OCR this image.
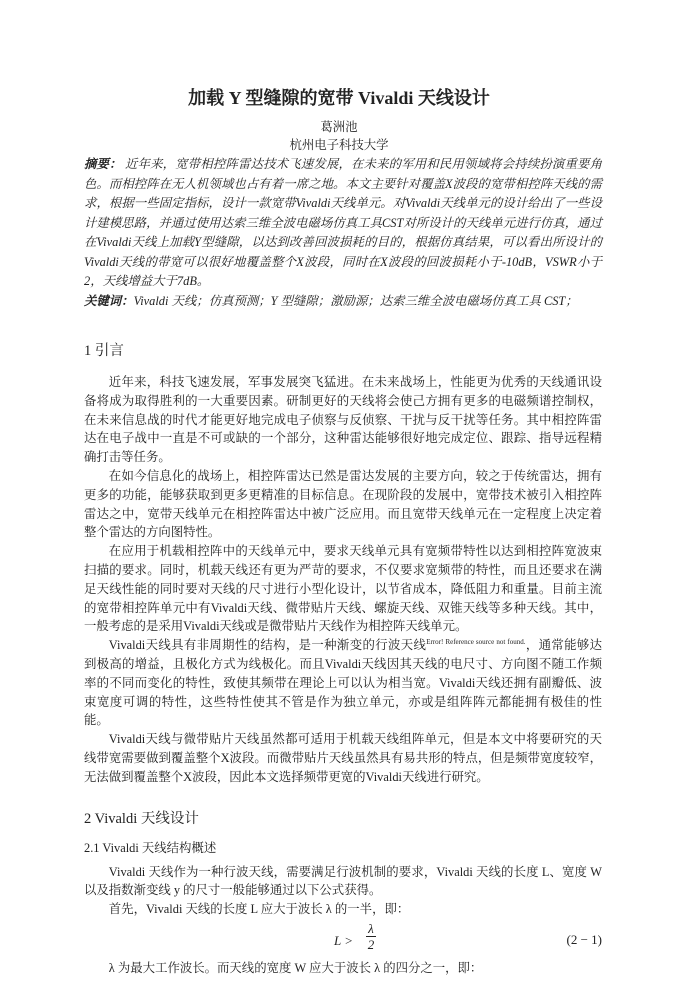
加载 Y 型缝隙的宽带 Vivaldi 天线设计
葛洲池
杭州电子科技大学
摘要： 近年来，宽带相控阵雷达技术飞速发展，在未来的军用和民用领域将会持续扮演重要角色。而相控阵在无人机领域也占有着一席之地。本文主要针对覆盖X波段的宽带相控阵天线的需求，根据一些固定指标，设计一款宽带Vivaldi天线单元。对Vivaldi天线单元的设计给出了一些设计建模思路，并通过使用达索三维全波电磁场仿真工具CST对所设计的天线单元进行仿真，通过在Vivaldi天线上加载Y型缝隙，以达到改善回波损耗的目的，根据仿真结果，可以看出所设计的Vivaldi天线的带宽可以很好地覆盖整个X波段，同时在X波段的回波损耗小于-10dB，VSWR小于2，天线增益大于7dB。
关键词：Vivaldi 天线；仿真预测；Y 型缝隙；激励源；达索三维全波电磁场仿真工具 CST；
1 引言

近年来，科技飞速发展，军事发展突飞猛进。在未来战场上，性能更为优秀的天线通讯设备将成为取得胜利的一大重要因素。研制更好的天线将会使己方拥有更多的电磁频谱控制权，在未来信息战的时代才能更好地完成电子侦察与反侦察、干扰与反干扰等任务。其中相控阵雷达在电子战中一直是不可或缺的一个部分，这种雷达能够很好地完成定位、跟踪、指导远程精确打击等任务。

在如今信息化的战场上，相控阵雷达已然是雷达发展的主要方向，较之于传统雷达，拥有更多的功能，能够获取到更多更精准的目标信息。在现阶段的发展中，宽带技术被引入相控阵雷达之中，宽带天线单元在相控阵雷达中被广泛应用。而且宽带天线单元在一定程度上决定着整个雷达的方向图特性。

在应用于机载相控阵中的天线单元中，要求天线单元具有宽频带特性以达到相控阵宽波束扫描的要求。同时，机载天线还有更为严苛的要求，不仅要求宽频带的特性，而且还要求在满足天线性能的同时要对天线的尺寸进行小型化设计，以节省成本，降低阻力和重量。目前主流的宽带相控阵单元中有Vivaldi天线、微带贴片天线、螺旋天线、双锥天线等多种天线。其中，一般考虑的是采用Vivaldi天线或是微带贴片天线作为相控阵天线单元。

Vivaldi天线具有非周期性的结构，是一种渐变的行波天线$^{Error! Reference source not found.}$，通常能够达到极高的增益，且极化方式为线极化。而且Vivaldi天线因其天线的电尺寸、方向图不随工作频率的不同而变化的特性，致使其频带在理论上可以认为相当宽。Vivaldi天线还拥有副瓣低、波束宽度可调的特性，这些特性使其不管是作为独立单元，亦或是组阵阵元都能拥有极佳的性能。

Vivaldi天线与微带贴片天线虽然都可适用于机载天线组阵单元，但是本文中将要研究的天线带宽需要做到覆盖整个X波段。而微带贴片天线虽然具有易共形的特点，但是频带宽度较窄，无法做到覆盖整个X波段，因此本文选择频带更宽的Vivaldi天线进行研究。

2 Vivaldi 天线设计
2.1 Vivaldi 天线结构概述

Vivaldi 天线作为一种行波天线，需要满足行波机制的要求，Vivaldi 天线的长度 L、宽度 W 以及指数渐变线 y 的尺寸一般能够通过以下公式获得。

首先，Vivaldi 天线的长度 L 应大于波长 λ 的一半，即：

L >
λ
2	(2 − 1)

λ 为最大工作波长。而天线的宽度 W 应大于波长 λ 的四分之一，即：
